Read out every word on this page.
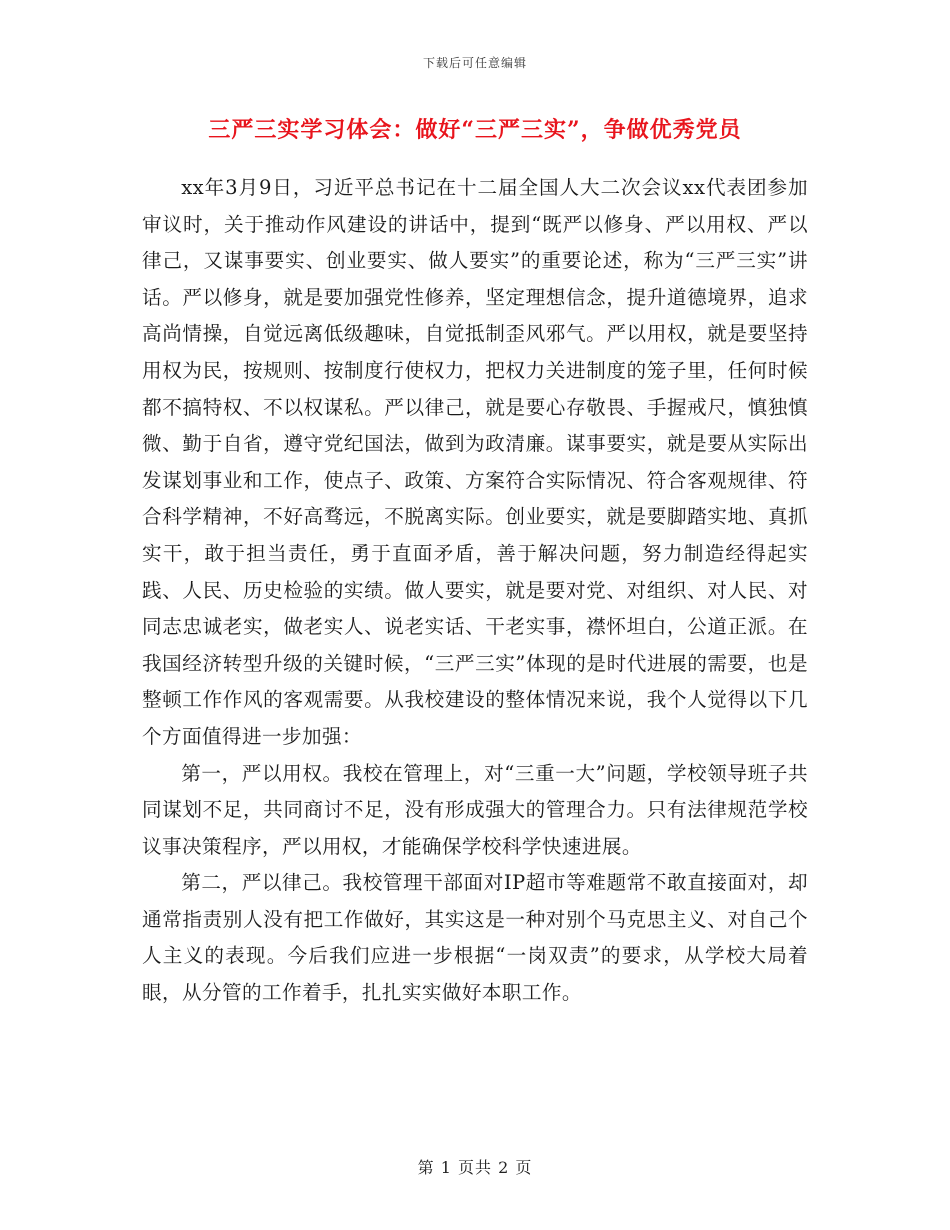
下载后可任意编辑
三严三实学习体会：做好“三严三实”，争做优秀党员

xx年3月9日，习近平总书记在十二届全国人大二次会议xx代表团参加审议时，关于推动作风建设的讲话中，提到“既严以修身、严以用权、严以律己，又谋事要实、创业要实、做人要实”的重要论述，称为“三严三实”讲话。严以修身，就是要加强党性修养，坚定理想信念，提升道德境界，追求高尚情操，自觉远离低级趣味，自觉抵制歪风邪气。严以用权，就是要坚持用权为民，按规则、按制度行使权力，把权力关进制度的笼子里，任何时候都不搞特权、不以权谋私。严以律己，就是要心存敬畏、手握戒尺，慎独慎微、勤于自省，遵守党纪国法，做到为政清廉。谋事要实，就是要从实际出发谋划事业和工作，使点子、政策、方案符合实际情况、符合客观规律、符合科学精神，不好高骛远，不脱离实际。创业要实，就是要脚踏实地、真抓实干，敢于担当责任，勇于直面矛盾，善于解决问题，努力制造经得起实践、人民、历史检验的实绩。做人要实，就是要对党、对组织、对人民、对同志忠诚老实，做老实人、说老实话、干老实事，襟怀坦白，公道正派。在我国经济转型升级的关键时候，“三严三实”体现的是时代进展的需要，也是整顿工作作风的客观需要。从我校建设的整体情况来说，我个人觉得以下几个方面值得进一步加强：

第一，严以用权。我校在管理上，对“三重一大”问题，学校领导班子共同谋划不足，共同商讨不足，没有形成强大的管理合力。只有法律规范学校议事决策程序，严以用权，才能确保学校科学快速进展。

第二，严以律己。我校管理干部面对IP超市等难题常不敢直接面对，却通常指责别人没有把工作做好，其实这是一种对别个马克思主义、对自己个人主义的表现。今后我们应进一步根据“一岗双责”的要求，从学校大局着眼，从分管的工作着手，扎扎实实做好本职工作。

第 1 页共 2 页
